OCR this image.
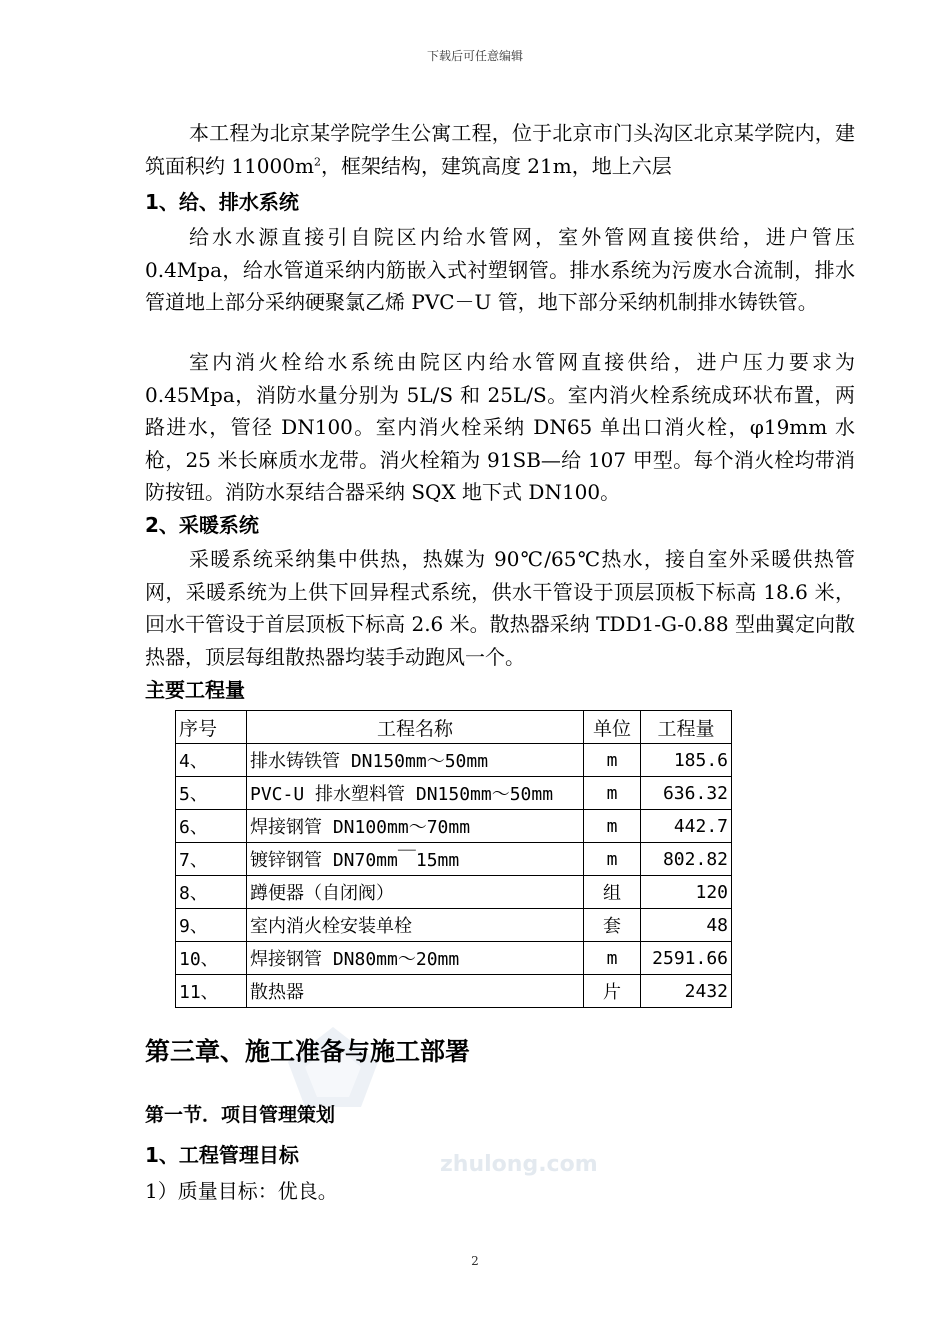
下载后可任意编辑

本工程为北京某学院学生公寓工程，位于北京市门头沟区北京某学院内，建筑面积约 $11000m^2$，框架结构，建筑高度 21m，地上六层

1、给、排水系统

给水水源直接引自院区内给水管网，室外管网直接供给，进户管压 0.4Mpa，给水管道采纳内筋嵌入式衬塑钢管。排水系统为污废水合流制，排水管道地上部分采纳硬聚氯乙烯 PVC－U 管，地下部分采纳机制排水铸铁管。

室内消火栓给水系统由院区内给水管网直接供给，进户压力要求为 0.45Mpa，消防水量分别为 5L/S 和 25L/S。室内消火栓系统成环状布置，两路进水，管径 DN100。室内消火栓采纳 DN65 单出口消火栓，φ19mm 水枪，25 米长麻质水龙带。消火栓箱为 91SB—给 107 甲型。每个消火栓均带消防按钮。消防水泵结合器采纳 SQX 地下式 DN100。

2、采暖系统

采暖系统采纳集中供热，热媒为 90℃/65℃热水，接自室外采暖供热管网，采暖系统为上供下回异程式系统，供水干管设于顶层顶板下标高 18.6 米，回水干管设于首层顶板下标高 2.6 米。散热器采纳 TDD1-G-0.88 型曲翼定向散热器，顶层每组散热器均装手动跑风一个。

主要工程量
序号	工程名称	单位	工程量
4、	排水铸铁管 DN150mm～50mm	m	185.6
5、	PVC-U 排水塑料管 DN150mm～50mm	m	636.32
6、	焊接钢管 DN100mm～70mm	m	442.7
7、	镀锌钢管 DN70mm￣15mm	m	802.82
8、	蹲便器（自闭阀）	组	120
9、	室内消火栓安装单栓	套	48
10、	焊接钢管 DN80mm～20mm	m	2591.66
11、	散热器	片	2432
第三章、施工准备与施工部署
第一节．项目管理策划
1、工程管理目标	zhulong.com

1）质量目标：优良。

2
